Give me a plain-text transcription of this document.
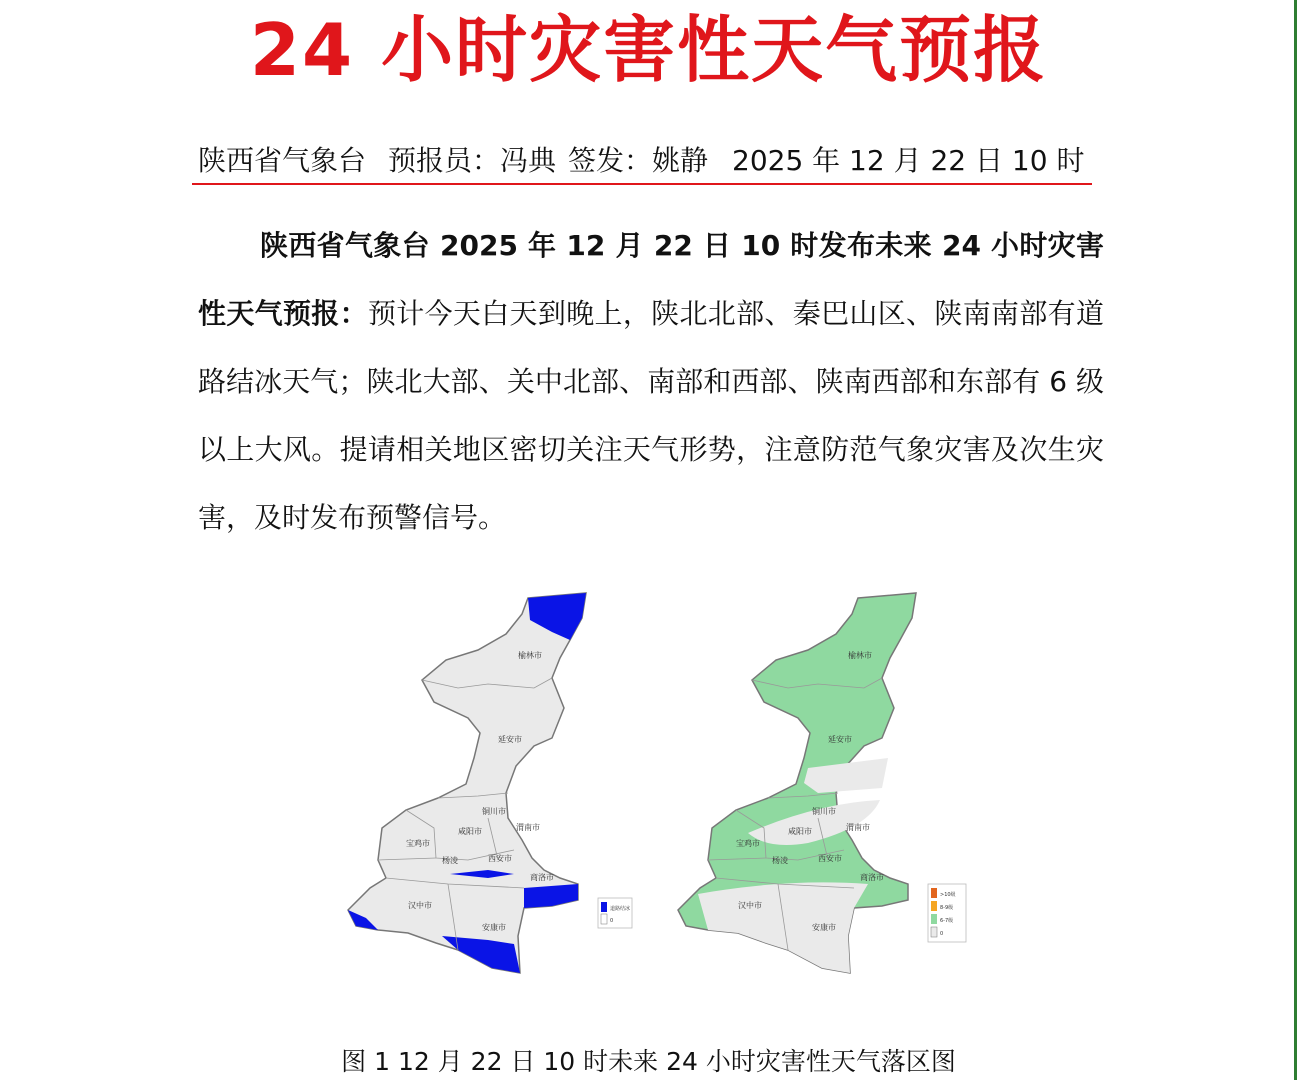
24 小时灾害性天气预报
陕西省气象台 预报员：冯典 签发：姚静 2025 年 12 月 22 日 10 时
陕西省气象台 2025 年 12 月 22 日 10 时发布未来 24 小时灾害性天气预报：预计今天白天到晚上，陕北北部、秦巴山区、陕南南部有道路结冰天气；陕北大部、关中北部、南部和西部、陕南西部和东部有 6 级以上大风。提请相关地区密切关注天气形势，注意防范气象灾害及次生灾害，及时发布预警信号。
榆林市
延安市
铜川市
渭南市
宝鸡市
咸阳市
杨凌	西安市
商洛市
汉中市
安康市
道路结冰
0
榆林市
延安市
铜川市
渭南市
宝鸡市
咸阳市
杨凌	西安市
商洛市
汉中市
安康市
>10级
8-9级
6-7级
0
图 1 12 月 22 日 10 时未来 24 小时灾害性天气落区图
